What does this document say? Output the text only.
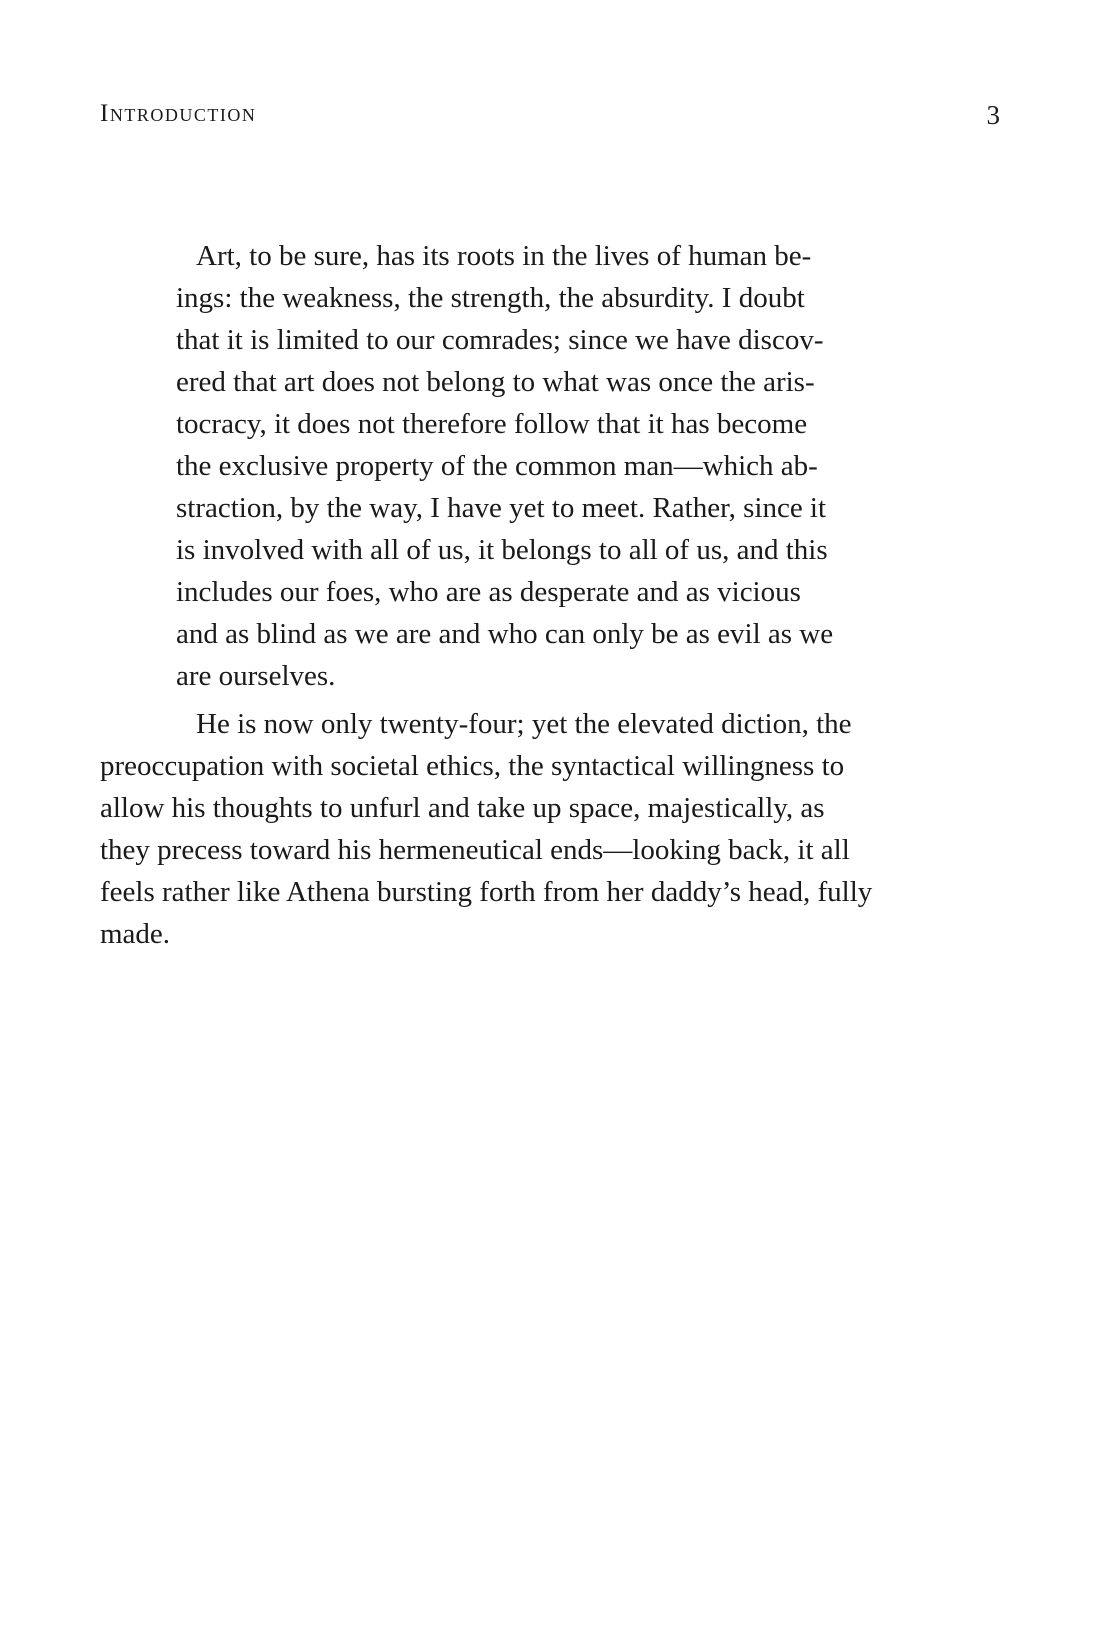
Introduction	3
Art, to be sure, has its roots in the lives of human be-
ings: the weakness, the strength, the absurdity. I doubt
that it is limited to our comrades; since we have discov-
ered that art does not belong to what was once the aris-
tocracy, it does not therefore follow that it has become
the exclusive property of the common man—which ab-
straction, by the way, I have yet to meet. Rather, since it
is involved with all of us, it belongs to all of us, and this
includes our foes, who are as desperate and as vicious
and as blind as we are and who can only be as evil as we
are ourselves.
He is now only twenty-four; yet the elevated diction, the
preoccupation with societal ethics, the syntactical willingness to
allow his thoughts to unfurl and take up space, majestically, as
they precess toward his hermeneutical ends—looking back, it all
feels rather like Athena bursting forth from her daddy’s head, fully
made.
